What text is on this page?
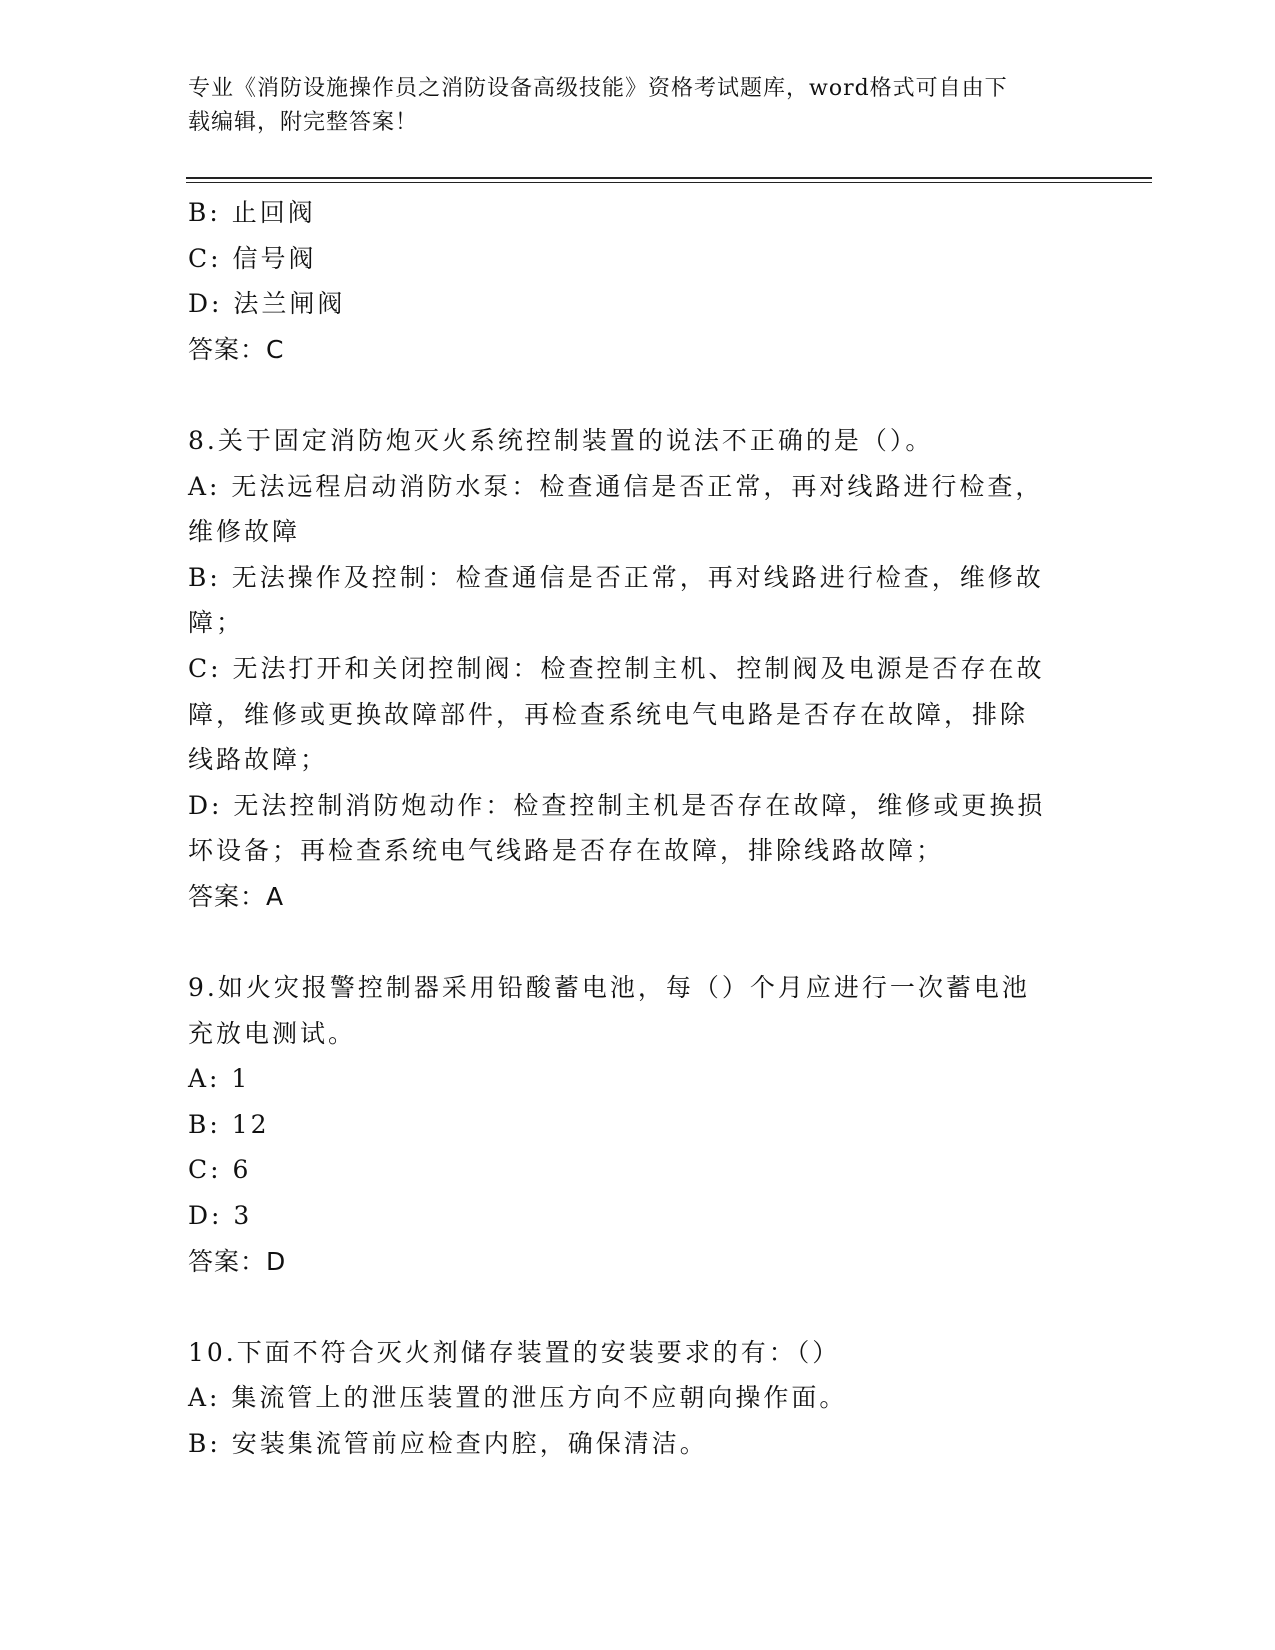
专业《消防设施操作员之消防设备高级技能》资格考试题库，word格式可自由下
载编辑，附完整答案！
B: 止回阀
C: 信号阀
D: 法兰闸阀
答案：C
8.关于固定消防炮灭火系统控制装置的说法不正确的是（）。
A: 无法远程启动消防水泵：检查通信是否正常，再对线路进行检查，
维修故障
B: 无法操作及控制：检查通信是否正常，再对线路进行检查，维修故
障；
C: 无法打开和关闭控制阀：检查控制主机、控制阀及电源是否存在故
障，维修或更换故障部件，再检查系统电气电路是否存在故障，排除
线路故障；
D: 无法控制消防炮动作：检查控制主机是否存在故障，维修或更换损
坏设备；再检查系统电气线路是否存在故障，排除线路故障；
答案：A
9.如火灾报警控制器采用铅酸蓄电池，每（）个月应进行一次蓄电池
充放电测试。
A: 1
B: 12
C: 6
D: 3
答案：D
10.下面不符合灭火剂储存装置的安装要求的有：（）
A: 集流管上的泄压装置的泄压方向不应朝向操作面。
B: 安装集流管前应检查内腔，确保清洁。
